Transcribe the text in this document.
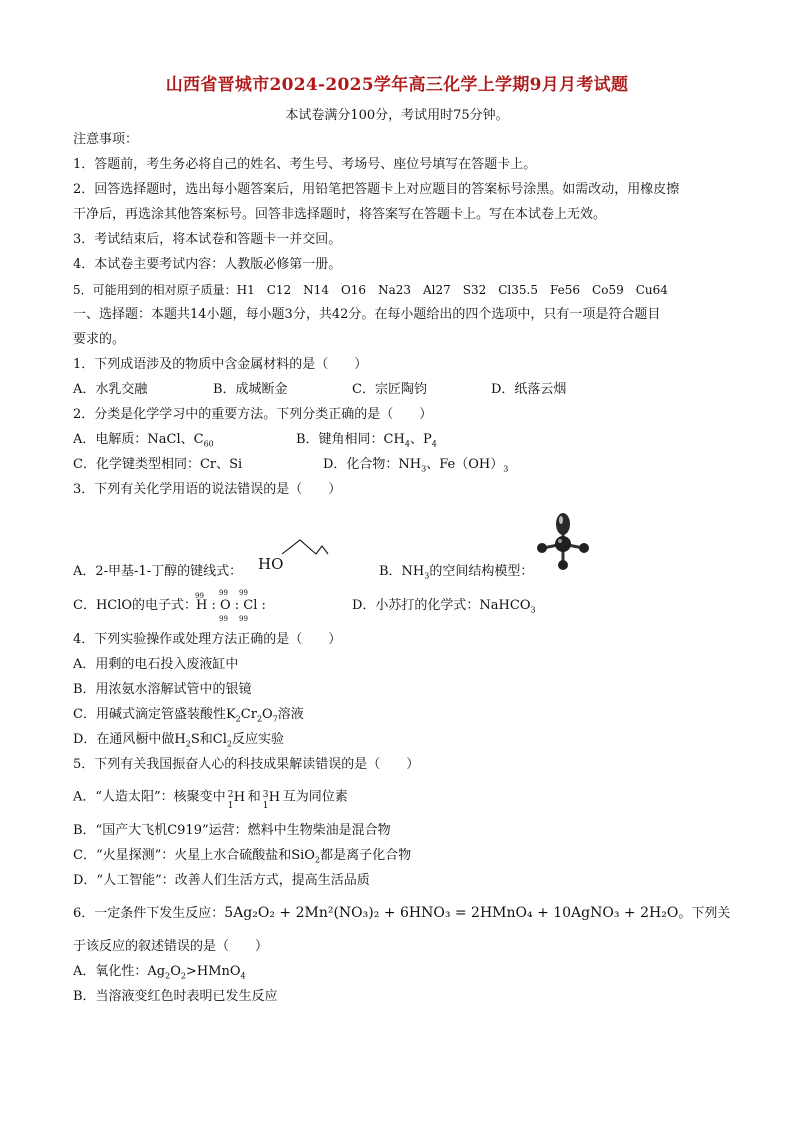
山西省晋城市2024-2025学年高三化学上学期9月月考试题
本试卷满分100分，考试用时75分钟。
注意事项：
1．答题前，考生务必将自己的姓名、考生号、考场号、座位号填写在答题卡上。
2．回答选择题时，选出每小题答案后，用铅笔把答题卡上对应题目的答案标号涂黑。如需改动，用橡皮擦
干净后，再选涂其他答案标号。回答非选择题时，将答案写在答题卡上。写在本试卷上无效。
3．考试结束后，将本试卷和答题卡一并交回。
4．本试卷主要考试内容：人教版必修第一册。
5．可能用到的相对原子质量：H1　C12　N14　O16　Na23　Al27　S32　Cl35.5　Fe56　Co59　Cu64
一、选择题：本题共14小题，每小题3分，共42分。在每小题给出的四个选项中，只有一项是符合题目
要求的。
1．下列成语涉及的物质中含金属材料的是（　　）
A．水乳交融	B．成城断金	C．宗匠陶钧	D．纸落云烟
2．分类是化学学习中的重要方法。下列分类正确的是（　　）
A．电解质：NaCl、$C_{60}$	B．键角相同：$CH_4$、$P_4$
C．化学键类型相同：Cr、Si	D．化合物：$NH_3$、$Fe(OH)_3$
3．下列有关化学用语的说法错误的是（　　）
A．2-甲基-1-丁醇的键线式： HO	B．$NH_3$的空间结构模型：
C．HClO的电子式：
99 99 99
H : O : Cl :
99 99
D．小苏打的化学式：NaHCO$_3$
4．下列实验操作或处理方法正确的是（　　）
A．用剩的电石投入废液缸中
B．用浓氨水溶解试管中的银镜
C．用碱式滴定管盛装酸性$K_2Cr_2O_7$溶液
D．在通风橱中做$H_2S$和$Cl_2$反应实验
5．下列有关我国振奋人心的科技成果解读错误的是（　　）
A．“人造太阳”：核聚变中 2
1
H 和 3
1
H 互为同位素
B．“国产大飞机C919”运营：燃料中生物柴油是混合物
C．“火星探测”：火星上水合硫酸盐和SiO$_2$都是离子化合物
D．“人工智能”：改善人们生活方式，提高生活品质
6．一定条件下发生反应：5Ag₂O₂ + 2Mn²(NO₃)₂ + 6HNO₃ = 2HMnO₄ + 10AgNO₃ + 2H₂O。下列关
于该反应的叙述错误的是（　　）
A．氧化性：$Ag_2O_2>HMnO_4$
B．当溶液变红色时表明已发生反应
